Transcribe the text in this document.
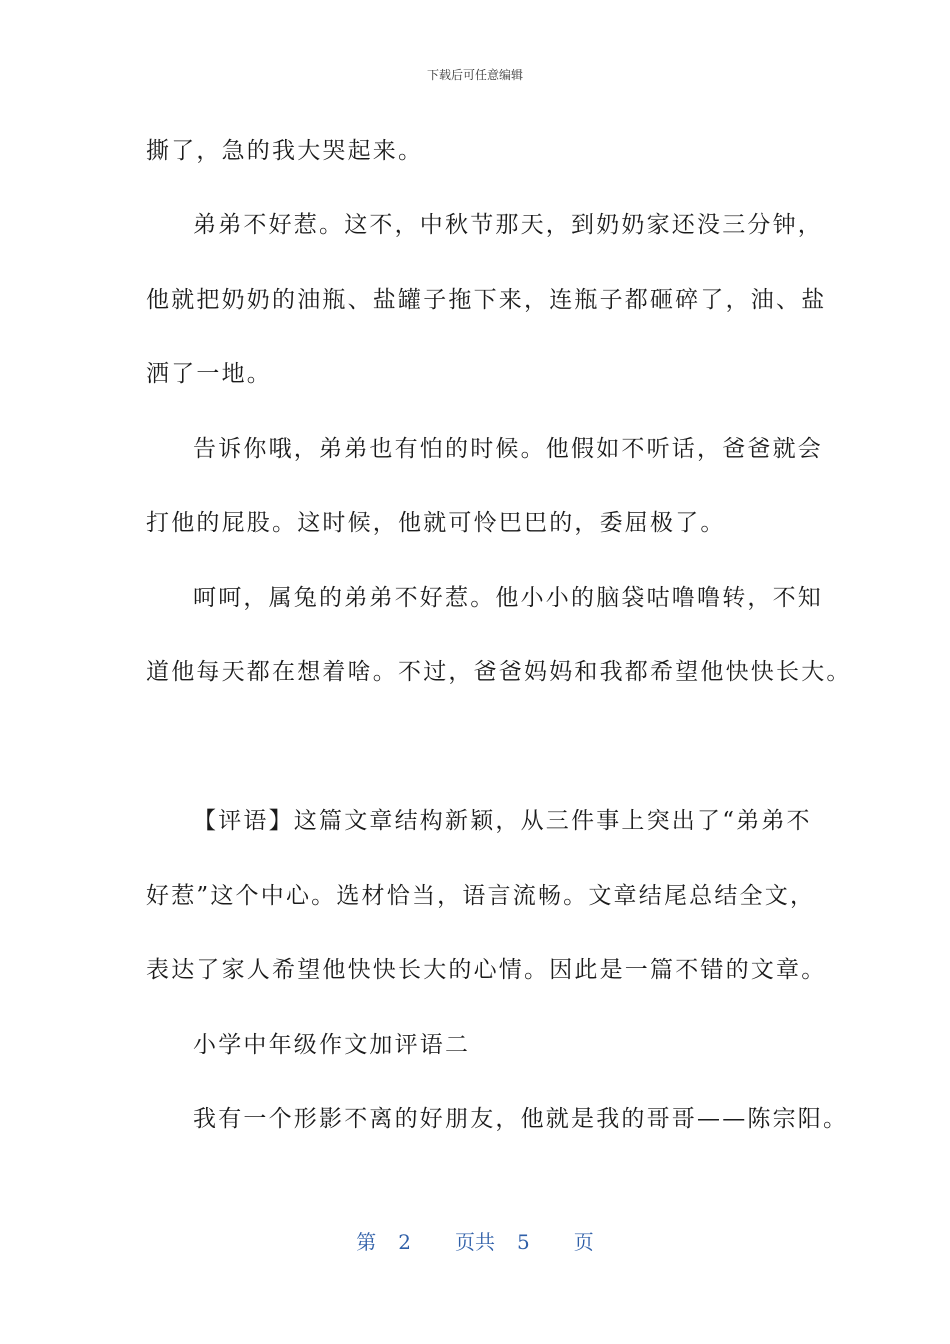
下载后可任意编辑
撕了，急的我大哭起来。
弟弟不好惹。这不，中秋节那天，到奶奶家还没三分钟，
他就把奶奶的油瓶、盐罐子拖下来，连瓶子都砸碎了，油、盐
洒了一地。
告诉你哦，弟弟也有怕的时候。他假如不听话，爸爸就会
打他的屁股。这时候，他就可怜巴巴的，委屈极了。
呵呵，属兔的弟弟不好惹。他小小的脑袋咕噜噜转，不知
道他每天都在想着啥。不过，爸爸妈妈和我都希望他快快长大。
【评语】这篇文章结构新颖，从三件事上突出了“弟弟不
好惹”这个中心。选材恰当，语言流畅。文章结尾总结全文，
表达了家人希望他快快长大的心情。因此是一篇不错的文章。
小学中年级作文加评语二
我有一个形影不离的好朋友，他就是我的哥哥——陈宗阳。
第 2 页共 5 页
